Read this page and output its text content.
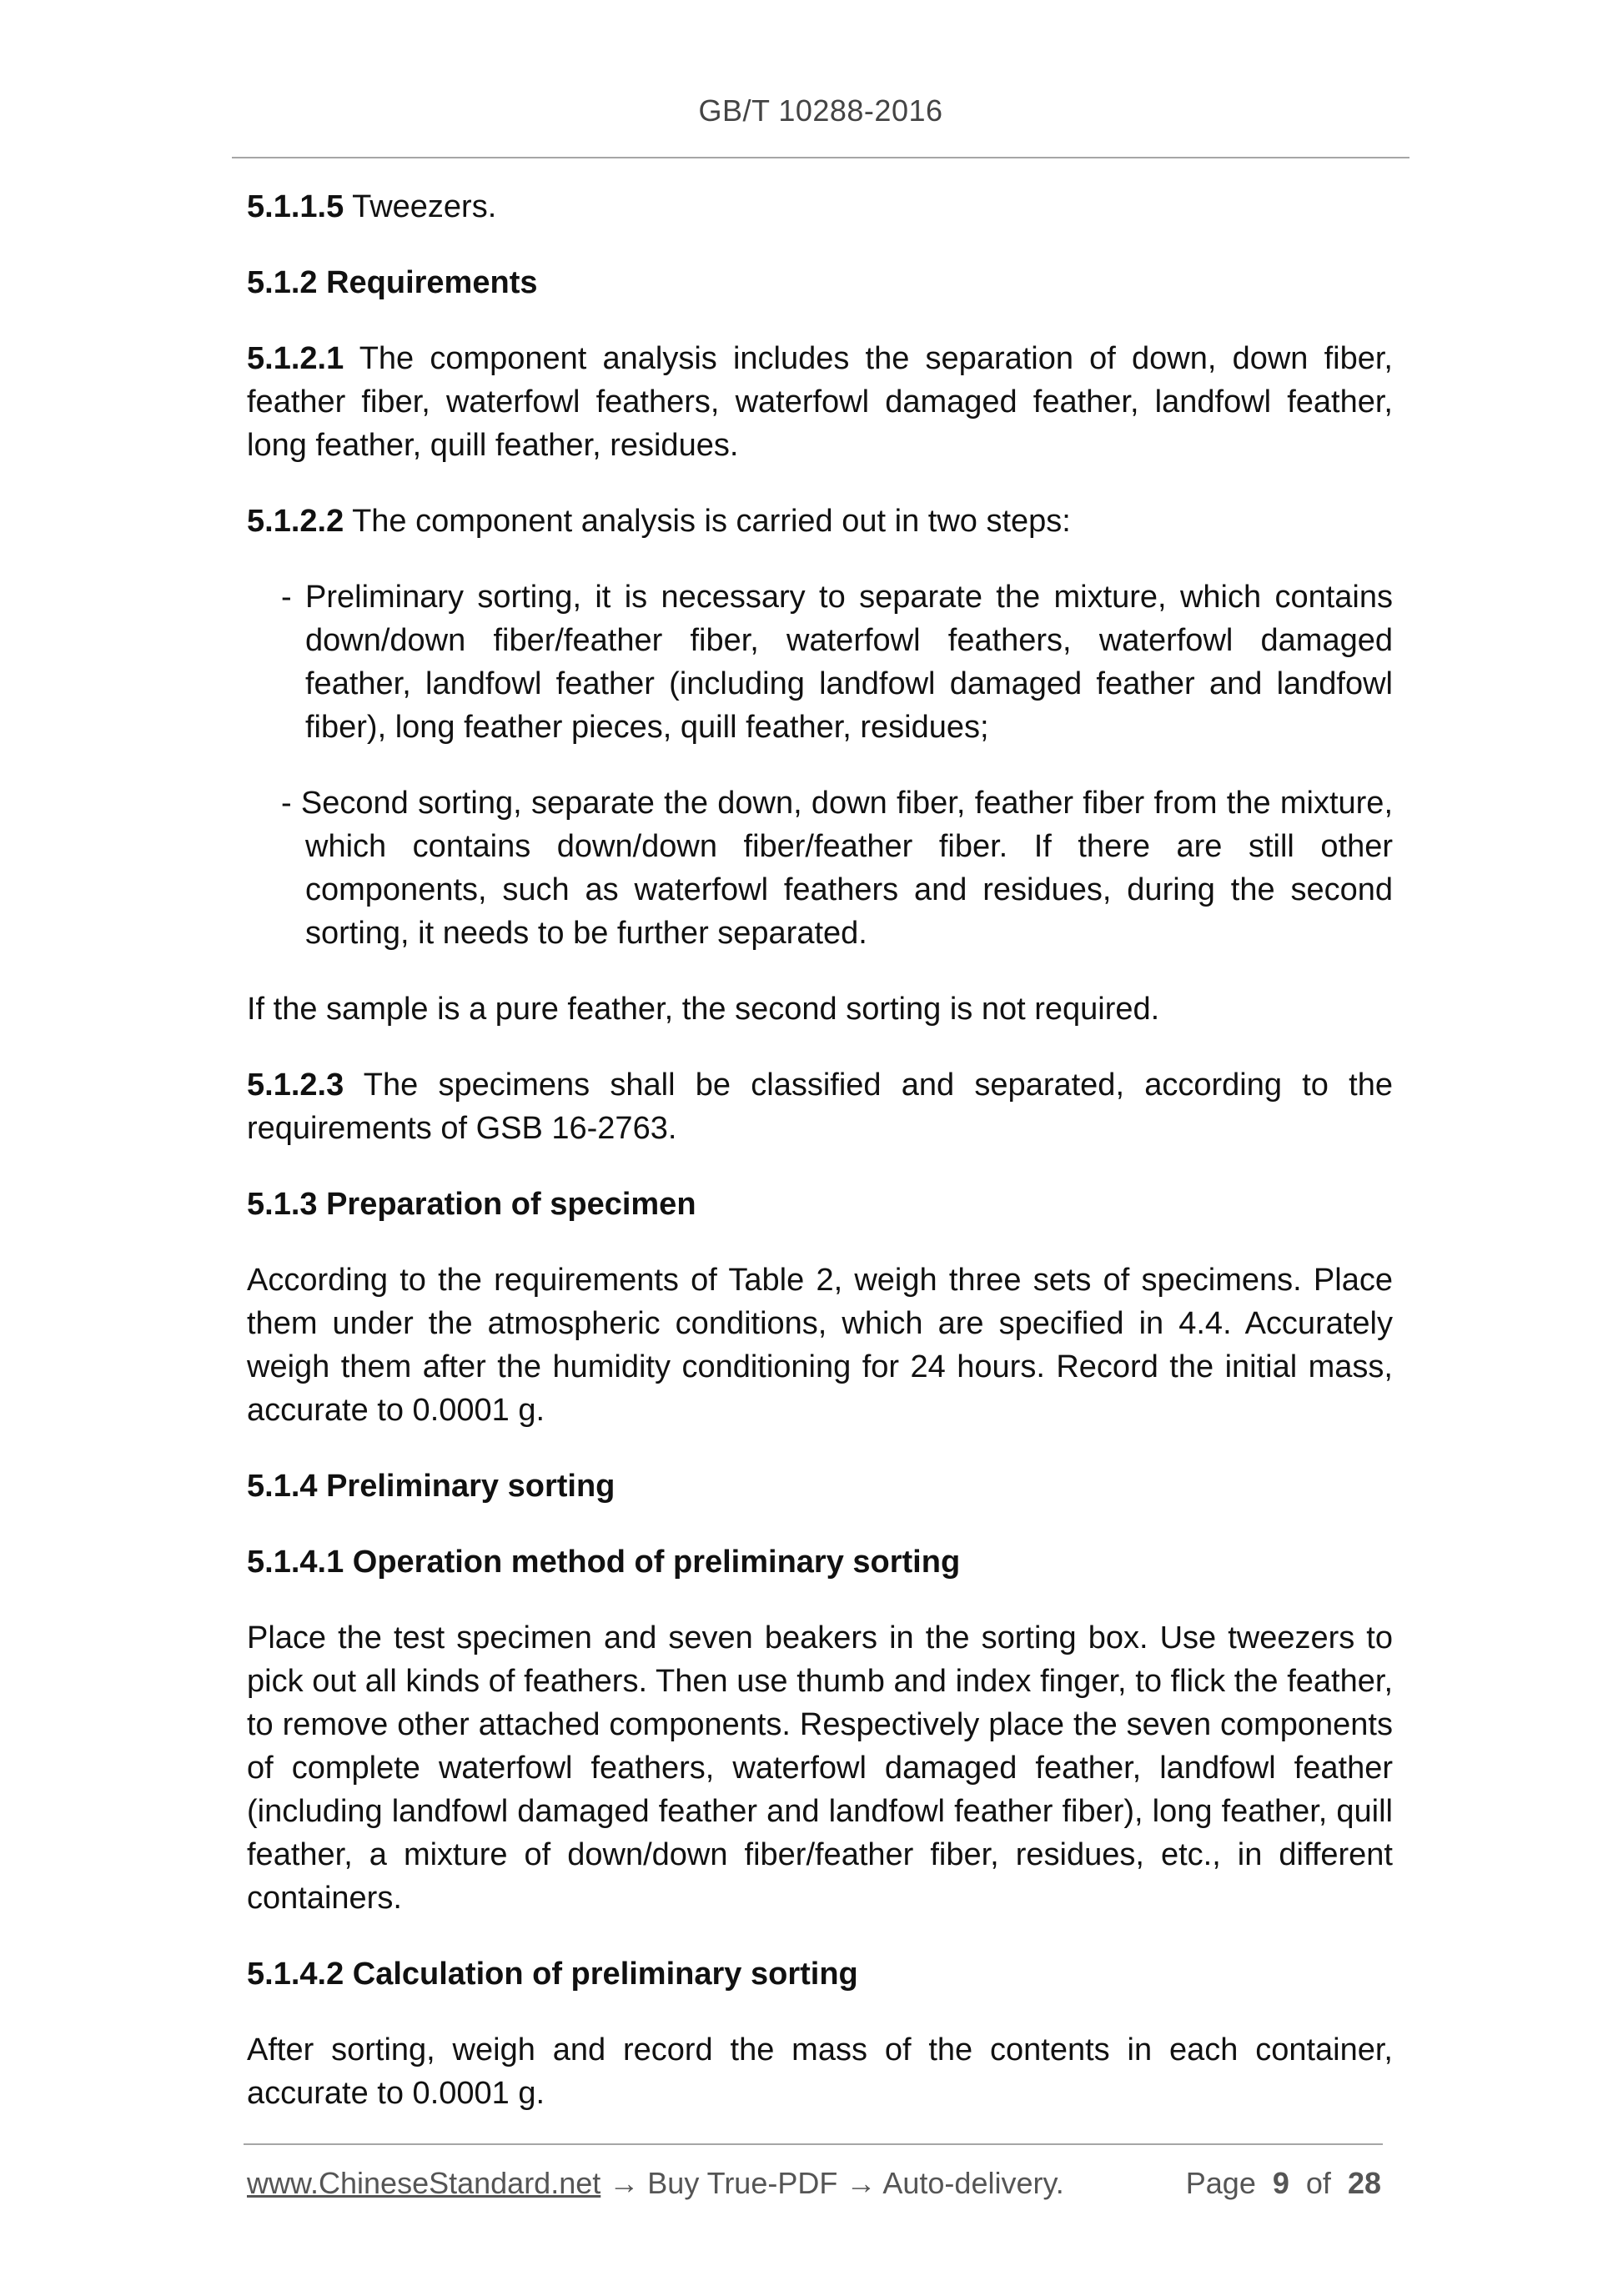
GB/T 10288-2016

5.1.1.5 Tweezers.

5.1.2 Requirements

5.1.2.1 The component analysis includes the separation of down, down fiber, feather fiber, waterfowl feathers, waterfowl damaged feather, landfowl feather, long feather, quill feather, residues.

5.1.2.2 The component analysis is carried out in two steps:

- Preliminary sorting, it is necessary to separate the mixture, which contains down/down fiber/feather fiber, waterfowl feathers, waterfowl damaged feather, landfowl feather (including landfowl damaged feather and landfowl fiber), long feather pieces, quill feather, residues;

- Second sorting, separate the down, down fiber, feather fiber from the mixture, which contains down/down fiber/feather fiber. If there are still other components, such as waterfowl feathers and residues, during the second sorting, it needs to be further separated.

If the sample is a pure feather, the second sorting is not required.

5.1.2.3 The specimens shall be classified and separated, according to the requirements of GSB 16-2763.

5.1.3 Preparation of specimen

According to the requirements of Table 2, weigh three sets of specimens. Place them under the atmospheric conditions, which are specified in 4.4. Accurately weigh them after the humidity conditioning for 24 hours. Record the initial mass, accurate to 0.0001 g.

5.1.4 Preliminary sorting

5.1.4.1 Operation method of preliminary sorting

Place the test specimen and seven beakers in the sorting box. Use tweezers to pick out all kinds of feathers. Then use thumb and index finger, to flick the feather, to remove other attached components. Respectively place the seven components of complete waterfowl feathers, waterfowl damaged feather, landfowl feather (including landfowl damaged feather and landfowl feather fiber), long feather, quill feather, a mixture of down/down fiber/feather fiber, residues, etc., in different containers.

5.1.4.2 Calculation of preliminary sorting

After sorting, weigh and record the mass of the contents in each container, accurate to 0.0001 g.

www.ChineseStandard.net → Buy True-PDF → Auto-delivery.	Page 9 of 28
